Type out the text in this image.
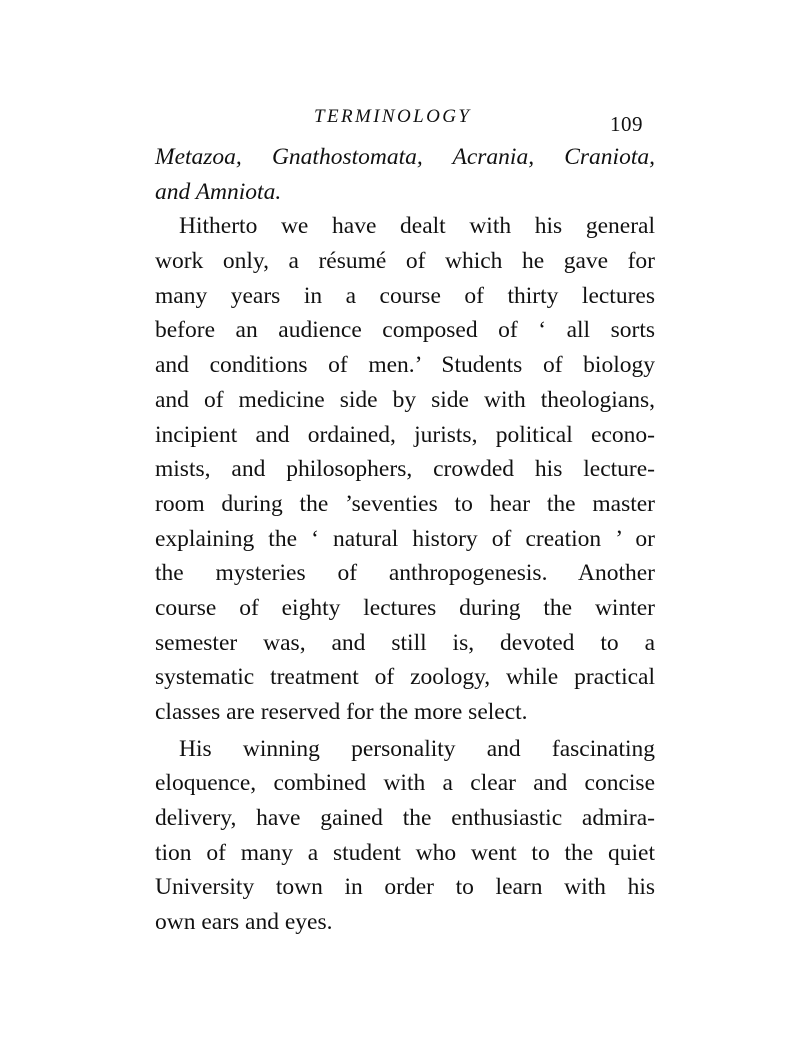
TERMINOLOGY	109
Metazoa, Gnathostomata, Acrania, Craniota,
and Amniota.
Hitherto we have dealt with his general
work only, a résumé of which he gave for
many years in a course of thirty lectures
before an audience composed of ‘ all sorts
and conditions of men.’ Students of biology
and of medicine side by side with theologians,
incipient and ordained, jurists, political econo-
mists, and philosophers, crowded his lecture-
room during the ’seventies to hear the master
explaining the ‘ natural history of creation ’ or
the mysteries of anthropogenesis. Another
course of eighty lectures during the winter
semester was, and still is, devoted to a
systematic treatment of zoology, while practical
classes are reserved for the more select.
His winning personality and fascinating
eloquence, combined with a clear and concise
delivery, have gained the enthusiastic admira-
tion of many a student who went to the quiet
University town in order to learn with his
own ears and eyes.
